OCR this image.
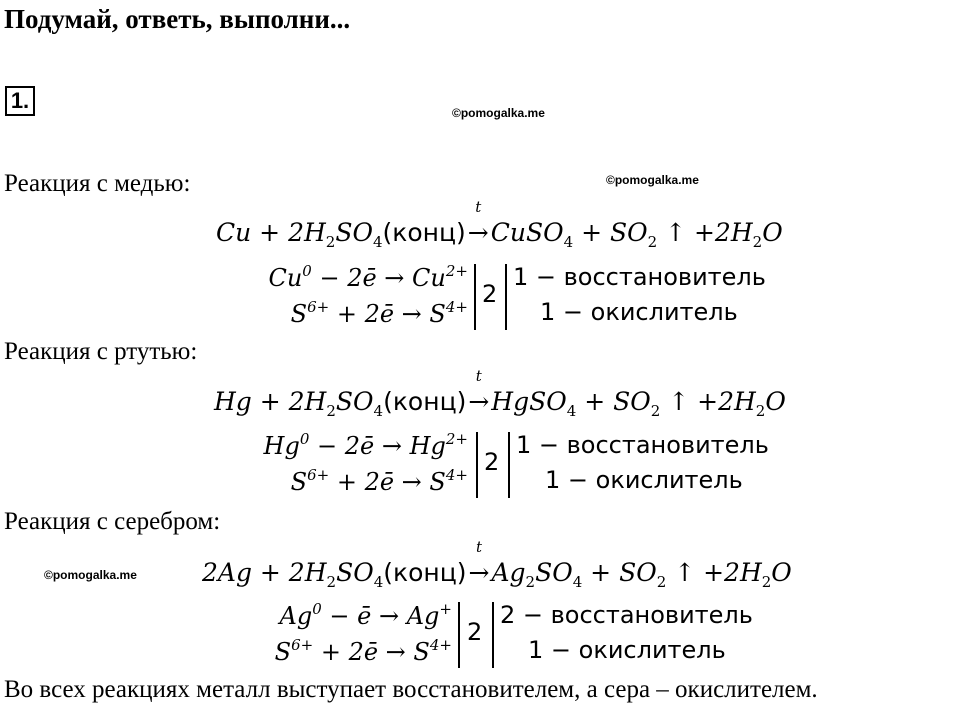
Подумай, ответь, выполни...
1.	©pomogalka.me
©pomogalka.me
©pomogalka.me
Реакция с медью:
$Cu + 2H_2SO_4(конц)\to$
t
CuSO$_4$ + $SO_2$ ↑ $+2H_2O$
$Cu^0$ − 2ē → $Cu^{2+}$
$S^{6+}$ + 2ē → $S^{4+}$ 2
1 − восстановитель
1 − окислитель
Реакция с ртутью:
$Hg + 2H_2SO_4(конц)\to$
t
HgSO$_4$ + $SO_2$ ↑ $+2H_2O$
$Hg^0$ − 2ē → $Hg^{2+}$
$S^{6+}$ + 2ē → $S^{4+}$ 2
1 − восстановитель
1 − окислитель
Реакция с серебром:
$2Ag + 2H_2SO_4(конц)\to$
t
$Ag_2SO_4 + SO_2$ ↑ $+2H_2O$
$Ag^0$ − ē → Ag+
$S^{6+}$ + 2ē → $S^{4+}$ 2
2 − восстановитель
1 − окислитель
Во всех реакциях металл выступает восстановителем, а сера – окислителем.
